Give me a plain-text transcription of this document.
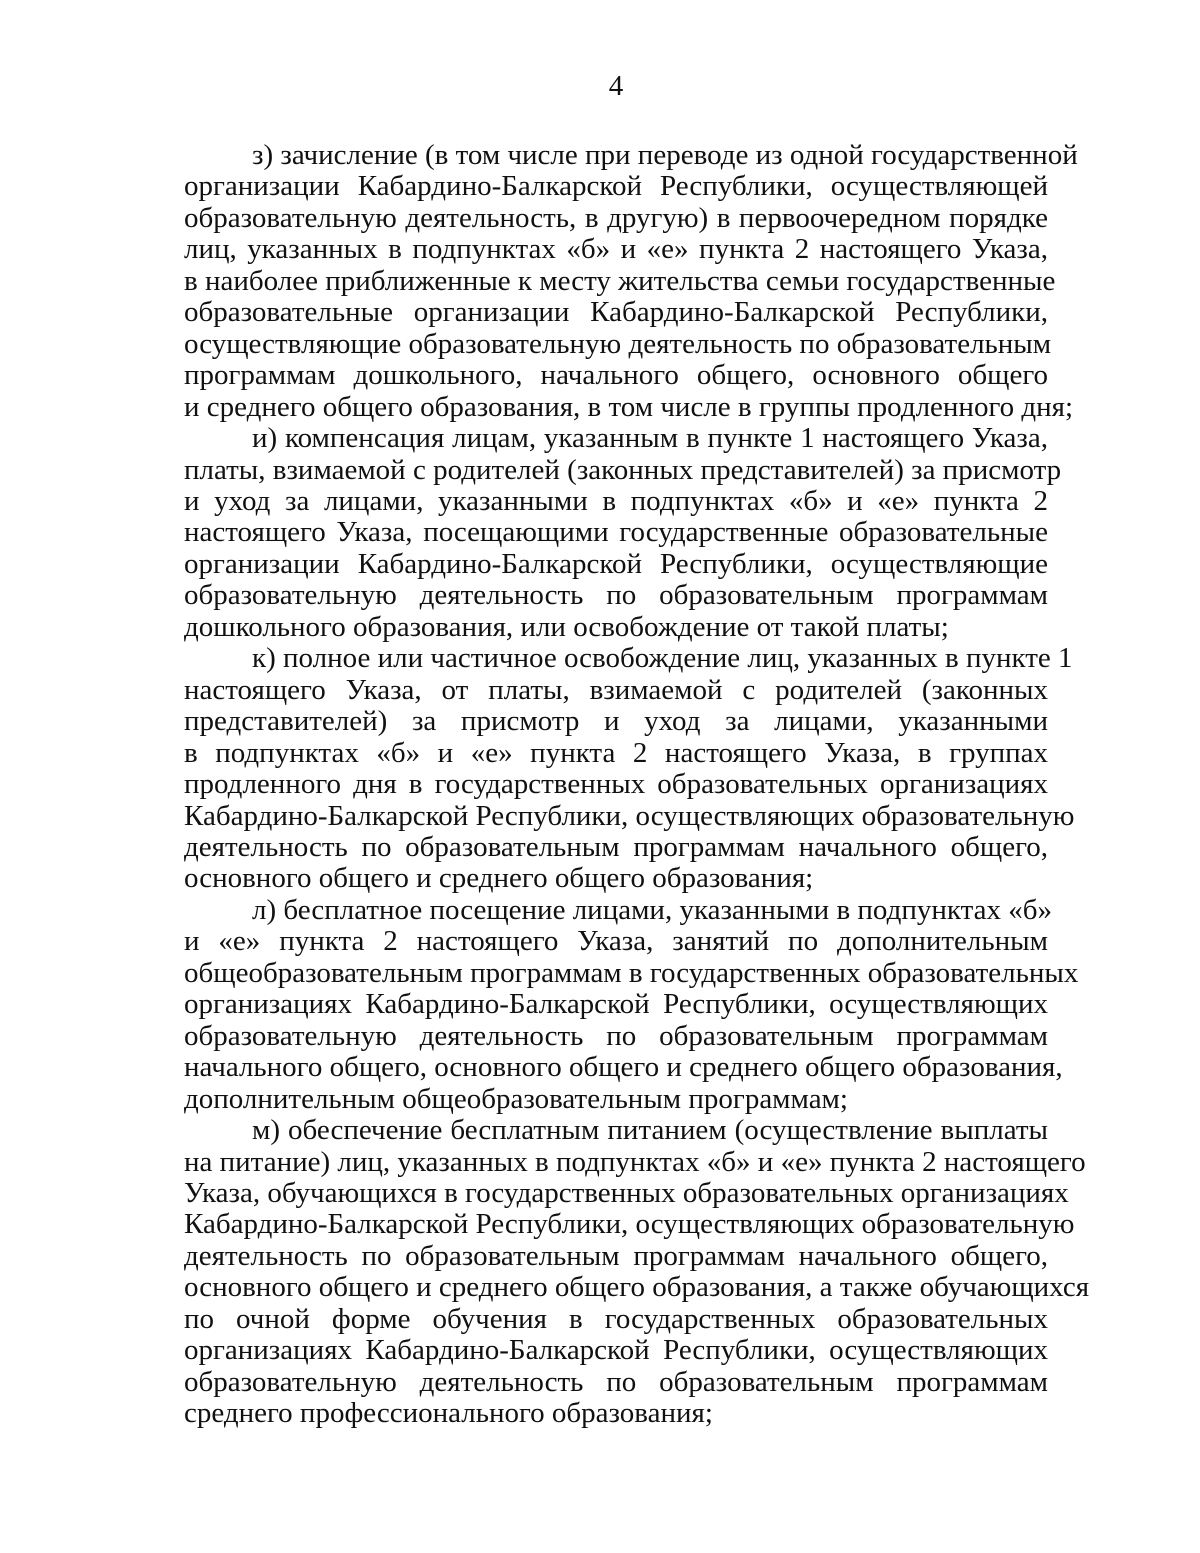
4

з) зачисление (в том числе при переводе из одной государственной
организации Кабардино-Балкарской Республики, осуществляющей
образовательную деятельность, в другую) в первоочередном порядке
лиц, указанных в подпунктах «б» и «е» пункта 2 настоящего Указа,
в наиболее приближенные к месту жительства семьи государственные
образовательные организации Кабардино-Балкарской Республики,
осуществляющие образовательную деятельность по образовательным
программам дошкольного, начального общего, основного общего
и среднего общего образования, в том числе в группы продленного дня;

и) компенсация лицам, указанным в пункте 1 настоящего Указа,
платы, взимаемой с родителей (законных представителей) за присмотр
и уход за лицами, указанными в подпунктах «б» и «е» пункта 2
настоящего Указа, посещающими государственные образовательные
организации Кабардино-Балкарской Республики, осуществляющие
образовательную деятельность по образовательным программам
дошкольного образования, или освобождение от такой платы;

к) полное или частичное освобождение лиц, указанных в пункте 1
настоящего Указа, от платы, взимаемой с родителей (законных
представителей) за присмотр и уход за лицами, указанными
в подпунктах «б» и «е» пункта 2 настоящего Указа, в группах
продленного дня в государственных образовательных организациях
Кабардино-Балкарской Республики, осуществляющих образовательную
деятельность по образовательным программам начального общего,
основного общего и среднего общего образования;

л) бесплатное посещение лицами, указанными в подпунктах «б»
и «е» пункта 2 настоящего Указа, занятий по дополнительным
общеобразовательным программам в государственных образовательных
организациях Кабардино-Балкарской Республики, осуществляющих
образовательную деятельность по образовательным программам
начального общего, основного общего и среднего общего образования,
дополнительным общеобразовательным программам;

м) обеспечение бесплатным питанием (осуществление выплаты
на питание) лиц, указанных в подпунктах «б» и «е» пункта 2 настоящего
Указа, обучающихся в государственных образовательных организациях
Кабардино-Балкарской Республики, осуществляющих образовательную
деятельность по образовательным программам начального общего,
основного общего и среднего общего образования, а также обучающихся
по очной форме обучения в государственных образовательных
организациях Кабардино-Балкарской Республики, осуществляющих
образовательную деятельность по образовательным программам
среднего профессионального образования;
